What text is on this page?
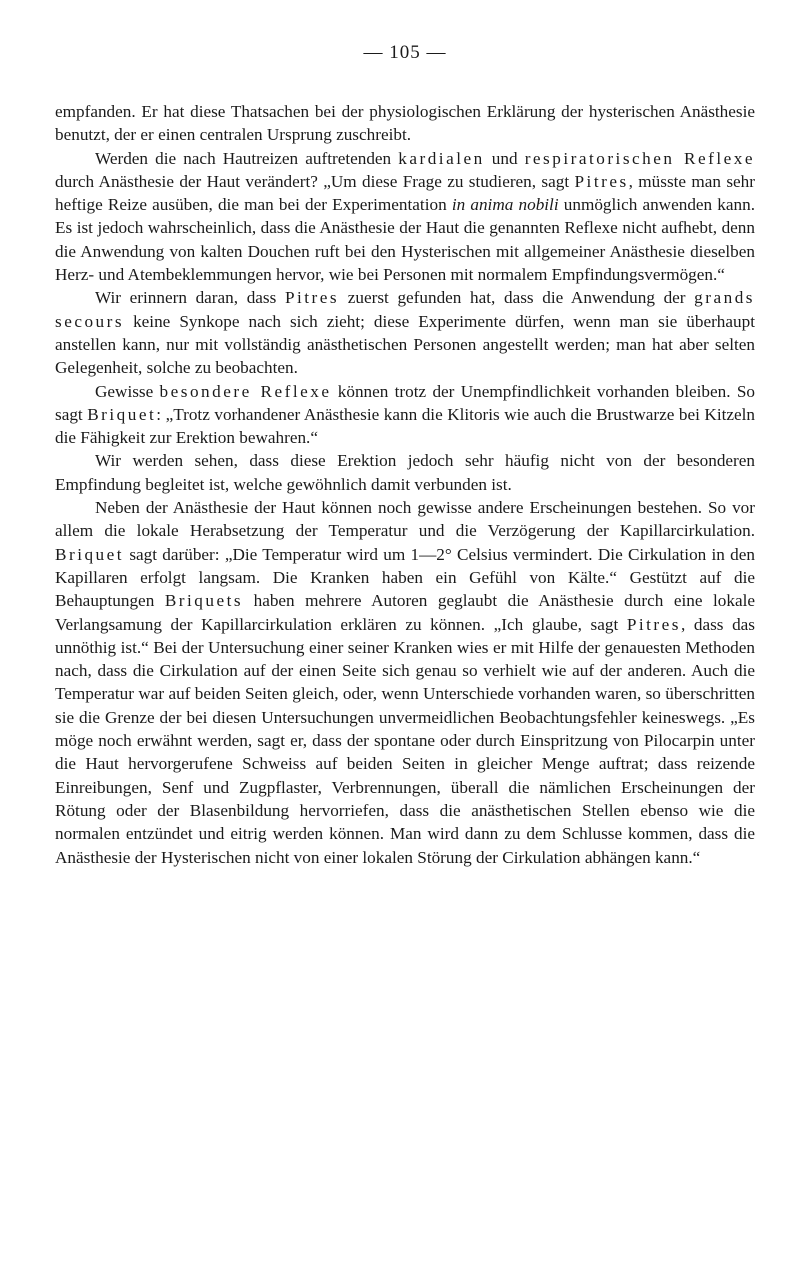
— 105 —

empfanden. Er hat diese Thatsachen bei der physiologischen Erklärung der hysterischen Anästhesie benutzt, der er einen centralen Ursprung zuschreibt.

Werden die nach Hautreizen auftretenden kardialen und respiratorischen Reflexe durch Anästhesie der Haut verändert? „Um diese Frage zu studieren, sagt Pitres, müsste man sehr heftige Reize ausüben, die man bei der Experimentation in anima nobili unmöglich anwenden kann. Es ist jedoch wahrscheinlich, dass die Anästhesie der Haut die genannten Reflexe nicht aufhebt, denn die Anwendung von kalten Douchen ruft bei den Hysterischen mit allgemeiner Anästhesie dieselben Herz- und Atembeklemmungen hervor, wie bei Personen mit normalem Empfindungsvermögen.“

Wir erinnern daran, dass Pitres zuerst gefunden hat, dass die Anwendung der grands secours keine Synkope nach sich zieht; diese Experimente dürfen, wenn man sie überhaupt anstellen kann, nur mit vollständig anästhetischen Personen angestellt werden; man hat aber selten Gelegenheit, solche zu beobachten.

Gewisse besondere Reflexe können trotz der Unempfindlichkeit vorhanden bleiben. So sagt Briquet: „Trotz vorhandener Anästhesie kann die Klitoris wie auch die Brustwarze bei Kitzeln die Fähigkeit zur Erektion bewahren.“

Wir werden sehen, dass diese Erektion jedoch sehr häufig nicht von der besonderen Empfindung begleitet ist, welche gewöhnlich damit verbunden ist.

Neben der Anästhesie der Haut können noch gewisse andere Erscheinungen bestehen. So vor allem die lokale Herabsetzung der Temperatur und die Verzögerung der Kapillarcirkulation. Briquet sagt darüber: „Die Temperatur wird um 1—2° Celsius vermindert. Die Cirkulation in den Kapillaren erfolgt langsam. Die Kranken haben ein Gefühl von Kälte.“ Gestützt auf die Behauptungen Briquets haben mehrere Autoren geglaubt die Anästhesie durch eine lokale Verlangsamung der Kapillarcirkulation erklären zu können. „Ich glaube, sagt Pitres, dass das unnöthig ist.“ Bei der Untersuchung einer seiner Kranken wies er mit Hilfe der genauesten Methoden nach, dass die Cirkulation auf der einen Seite sich genau so verhielt wie auf der anderen. Auch die Temperatur war auf beiden Seiten gleich, oder, wenn Unterschiede vorhanden waren, so überschritten sie die Grenze der bei diesen Untersuchungen unvermeidlichen Beobachtungsfehler keineswegs. „Es möge noch erwähnt werden, sagt er, dass der spontane oder durch Einspritzung von Pilocarpin unter die Haut hervorgerufene Schweiss auf beiden Seiten in gleicher Menge auftrat; dass reizende Einreibungen, Senf und Zugpflaster, Verbrennungen, überall die nämlichen Erscheinungen der Rötung oder der Blasenbildung hervorriefen, dass die anästhetischen Stellen ebenso wie die normalen entzündet und eitrig werden können. Man wird dann zu dem Schlusse kommen, dass die Anästhesie der Hysterischen nicht von einer lokalen Störung der Cirkulation abhängen kann.“
